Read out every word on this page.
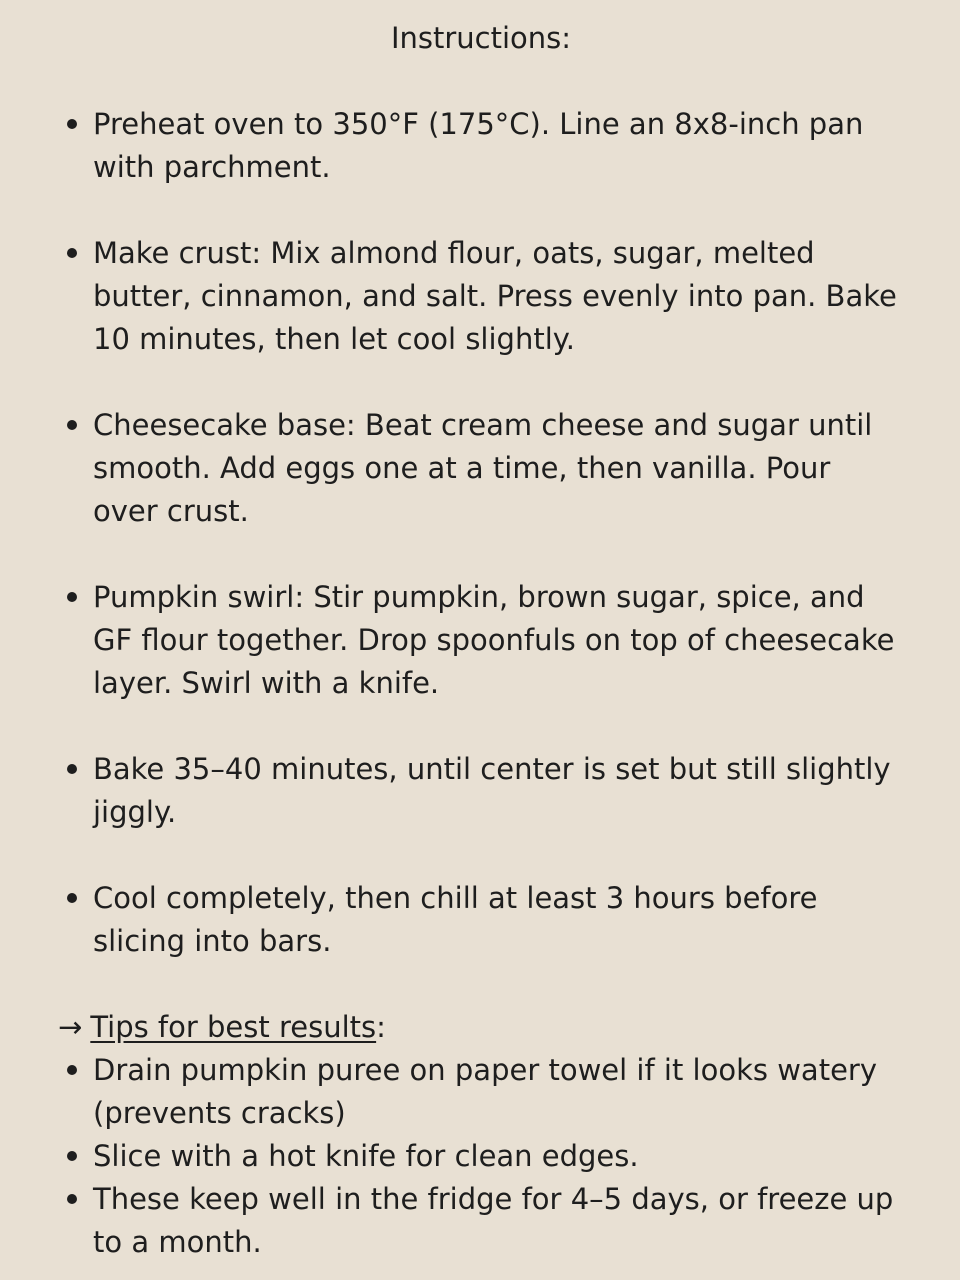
Instructions:
Preheat oven to 350°F (175°C). Line an 8x8-inch pan with parchment.
Make crust: Mix almond flour, oats, sugar, melted butter, cinnamon, and salt. Press evenly into pan. Bake 10 minutes, then let cool slightly.
Cheesecake base: Beat cream cheese and sugar until smooth. Add eggs one at a time, then vanilla. Pour over crust.
Pumpkin swirl: Stir pumpkin, brown sugar, spice, and GF flour together. Drop spoonfuls on top of cheesecake layer. Swirl with a knife.
Bake 35–40 minutes, until center is set but still slightly jiggly.
Cool completely, then chill at least 3 hours before slicing into bars.
→ Tips for best results :
Drain pumpkin puree on paper towel if it looks watery (prevents cracks)
Slice with a hot knife for clean edges.
These keep well in the fridge for 4–5 days, or freeze up to a month.
